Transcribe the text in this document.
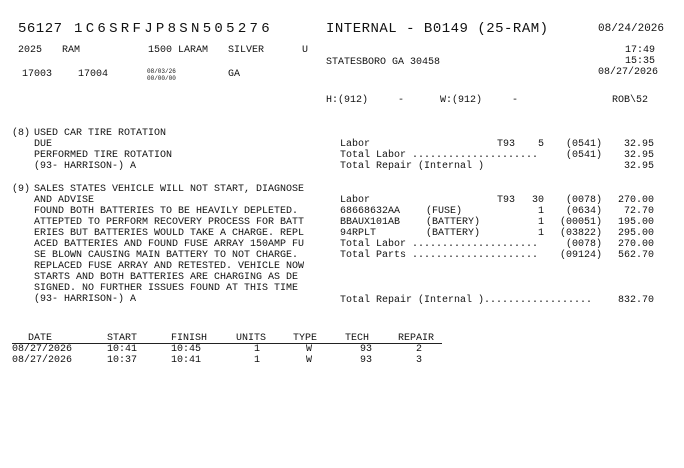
56127 1C6SRFJP8SN505276	INTERNAL - B0149 (25-RAM)	08/24/2026
2025 RAM	1500 LARAM SILVER	U	17:49
15:35
STATESBORO GA 30458
08/27/2026
17003	17004	08/03/26
00/00/00	GA
H:(912)     -	W:(912)     -	ROB\52
(8) USED CAR TIRE ROTATION
DUE
PERFORMED TIRE ROTATION
(93- HARRISON-) A
Labor	T93	5	(0541)	32.95
Total Labor .....................	(0541)	32.95
Total Repair (Internal )	32.95
(9) SALES STATES VEHICLE WILL NOT START, DIAGNOSE
AND ADVISE
FOUND BOTH BATTERIES TO BE HEAVILY DEPLETED.
ATTEPTED TO PERFORM RECOVERY PROCESS FOR BATT
ERIES BUT BATTERIES WOULD TAKE A CHARGE. REPL
ACED BATTERIES AND FOUND FUSE ARRAY 150AMP FU
SE BLOWN CAUSING MAIN BATTERY TO NOT CHARGE.
REPLACED FUSE ARRAY AND RETESTED. VEHICLE NOW
STARTS AND BOTH BATTERIES ARE CHARGING AS DE
SIGNED. NO FURTHER ISSUES FOUND AT THIS TIME
(93- HARRISON-) A
Labor	T93	30	(0078)	270.00
68668632AA	(FUSE)	1	(0634)	72.70
BBAUX101AB	(BATTERY)	1	(00051)	195.00
94RPLT	(BATTERY)	1	(03822)	295.00
Total Labor .....................	(0078)	270.00
Total Parts .....................	(09124)	562.70
Total Repair (Internal )..................	832.70
DATE	START	FINISH	UNITS	TYPE	TECH	REPAIR
08/27/2026	10:41	10:45	1	W	93	2
08/27/2026	10:37	10:41	1	W	93	3
